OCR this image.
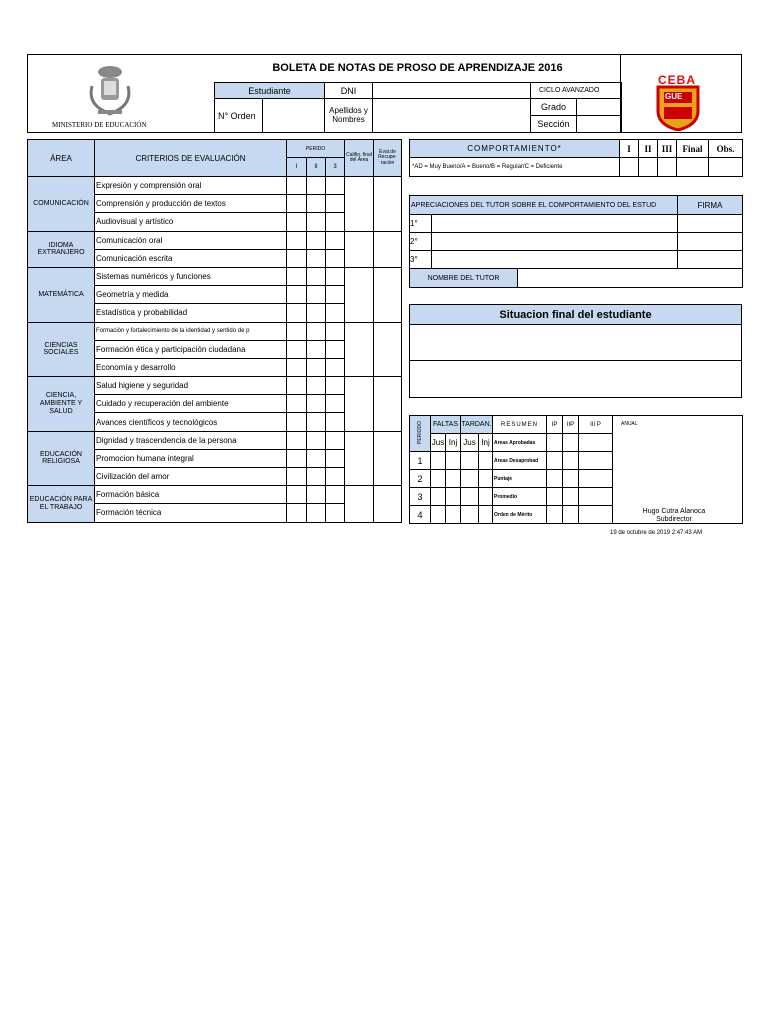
MINISTERIO DE EDUCACIÓN
BOLETA DE NOTAS DE PROSO DE APRENDIZAJE 2016
Estudiante	DNI		CICLO AVANZADO
N° Orden		Apellidos y Nombres		Grado	
				Sección	
CEBA
GUE
ÁREA	CRITERIOS DE EVALUACIÓN	PERIDO			Califio. final del Área	Eval.de Recupe-ración
		I	II	3		
COMUNICACIÓN	Expresión y comprensión oral					
	Comprensión y producción de textos					
	Audiovisual y artístico					
IDIOMA EXTRANJERO	Comunicación oral					
	Comunicación escrita					
MATEMÁTICA	Sistemas numéricos y funciones					
	Geometría y medida					
	Estadística y probabilidad					
CIENCIAS SOCIALES	Formación y fortalecimiento de la identidad y sentido de p					
	Formación ética y participación ciudadana					
	Economía y desarrollo					
CIENCIA, AMBIENTE Y SALUD	Salud higiene y seguridad					
	Cuidado y recuperación del ambiente					
	Avances científicos y tecnológicos					
EDUCACIÓN RELIGIOSA	Dignidad y trascendencia de la persona					
	Promocion humana integral					
	Civilización del amor					
EDUCACIÓN PARA EL TRABAJO	Formación básica					
	Formación técnica					
COMPORTAMIENTO*	I	II	III	Final	Obs.
*AD = Muy Bueno/A = Bueno/B = Regular/C = Deficiente					
APRECIACIONES DEL TUTOR SOBRE EL COMPORTAMIENTO DEL ESTUD		FIRMA
1°		
2°		
3°		
NOMBRE DEL TUTOR	
Situacion final del estudiante
PERIODO	FALTAS		TARDAN.		RESUMEN	IP	IIP	III P	ANUAL
Hugo Cutra Alanoca
Subdirector

	Jus	Inj	Jus	Inj	Areas Aprobadas				
1					Areas Desaprobad				
2					Puntaje				
3					Promedio				
4					Orden de Mérito				
19 de octubre de 2019 2:47:43 AM
